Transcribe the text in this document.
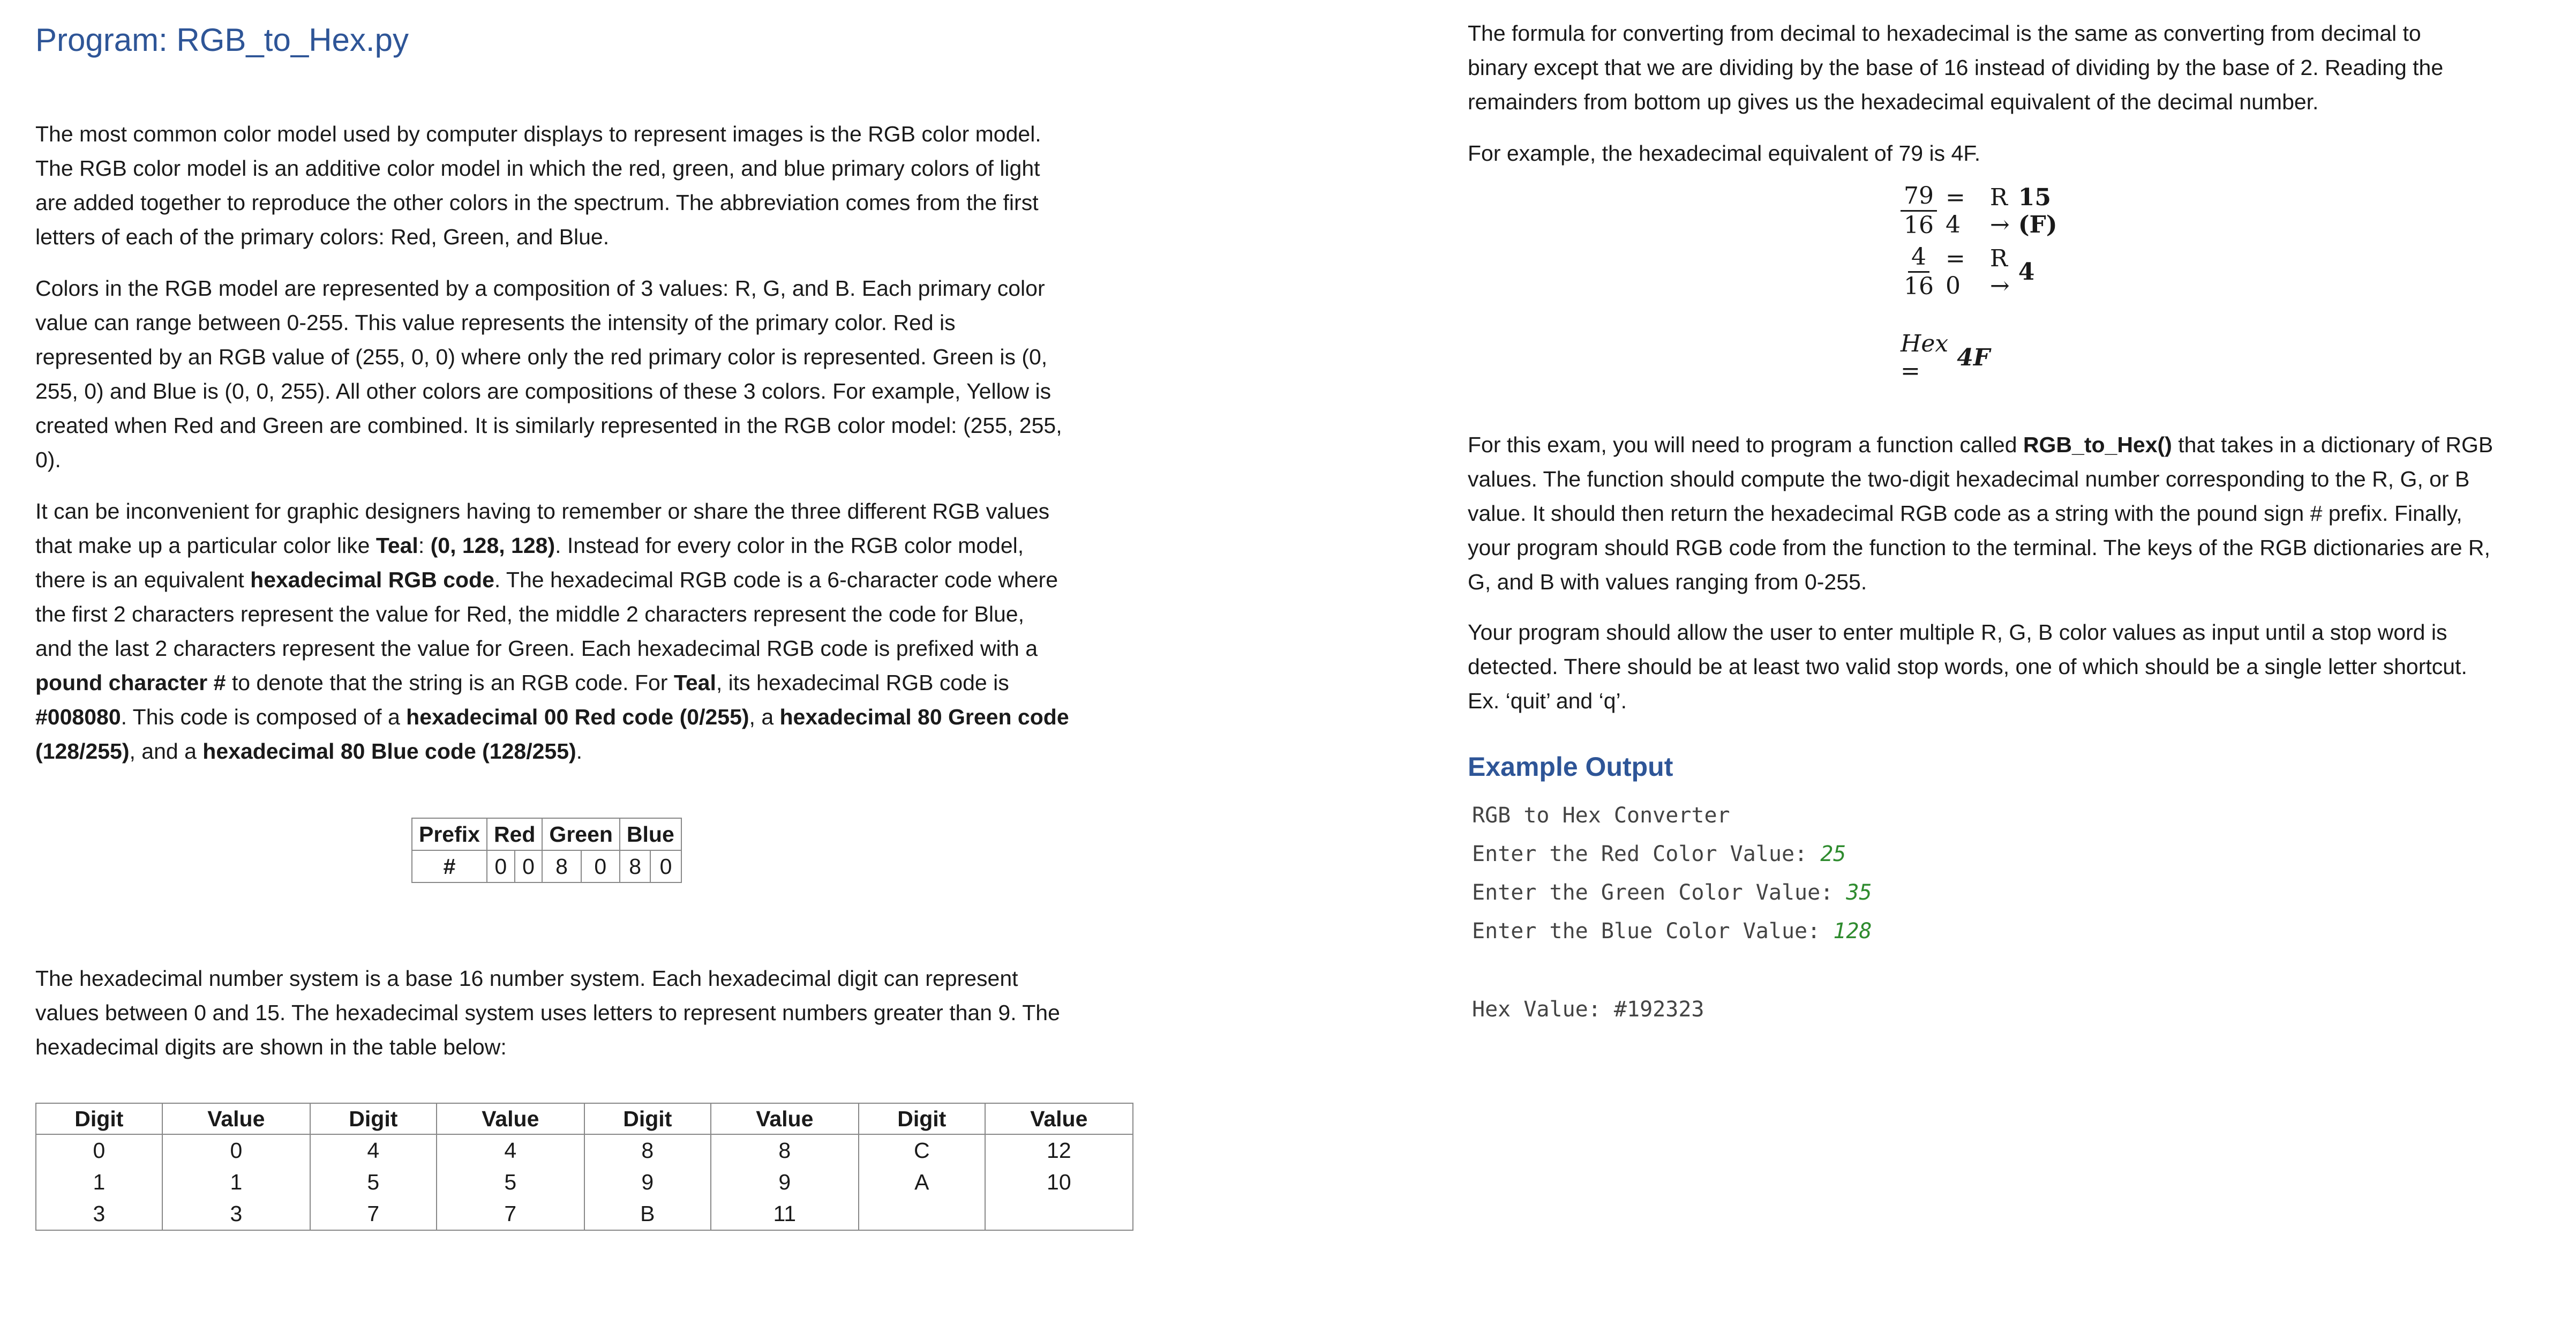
Program: RGB_to_Hex.py

The most common color model used by computer displays to represent images is the RGB color model.

The RGB color model is an additive color model in which the red, green, and blue primary colors of light

are added together to reproduce the other colors in the spectrum. The abbreviation comes from the first

letters of each of the primary colors: Red, Green, and Blue.

Colors in the RGB model are represented by a composition of 3 values: R, G, and B. Each primary color

value can range between 0-255. This value represents the intensity of the primary color. Red is

represented by an RGB value of (255, 0, 0) where only the red primary color is represented. Green is (0,

255, 0) and Blue is (0, 0, 255). All other colors are compositions of these 3 colors. For example, Yellow is

created when Red and Green are combined. It is similarly represented in the RGB color model: (255, 255,

0).

It can be inconvenient for graphic designers having to remember or share the three different RGB values

that make up a particular color like Teal: (0, 128, 128). Instead for every color in the RGB color model,

there is an equivalent hexadecimal RGB code. The hexadecimal RGB code is a 6-character code where

the first 2 characters represent the value for Red, the middle 2 characters represent the code for Blue,

and the last 2 characters represent the value for Green. Each hexadecimal RGB code is prefixed with a

pound character # to denote that the string is an RGB code. For Teal, its hexadecimal RGB code is

#008080. This code is composed of a hexadecimal 00 Red code (0/255), a hexadecimal 80 Green code

(128/255), and a hexadecimal 80 Blue code (128/255).

The hexadecimal number system is a base 16 number system. Each hexadecimal digit can represent

values between 0 and 15. The hexadecimal system uses letters to represent numbers greater than 9. The

hexadecimal digits are shown in the table below:

Prefix	Red		Green		Blue	
#	0	0	8	0	8	0
Digit	Value	Digit	Value	Digit	Value	Digit	Value
0	0	4	4	8	8	C	12
1	1	5	5	9	9	A	10
3	3	7	7	B	11		

The formula for converting from decimal to hexadecimal is the same as converting from decimal to

binary except that we are dividing by the base of 16 instead of dividing by the base of 2. Reading the

remainders from bottom up gives us the hexadecimal equivalent of the decimal number.

For example, the hexadecimal equivalent of 79 is 4F.

$\frac{79}{16} = 4$
R →
15 (F)
$\frac{4}{16} = 0$
R → 4
Hex =	4F

For this exam, you will need to program a function called RGB_to_Hex() that takes in a dictionary of RGB

values. The function should compute the two-digit hexadecimal number corresponding to the R, G, or B

value. It should then return the hexadecimal RGB code as a string with the pound sign # prefix. Finally,

your program should RGB code from the function to the terminal. The keys of the RGB dictionaries are R,

G, and B with values ranging from 0-255.

Your program should allow the user to enter multiple R, G, B color values as input until a stop word is

detected. There should be at least two valid stop words, one of which should be a single letter shortcut.

Ex. ‘quit’ and ‘q’.

Example Output

RGB to Hex Converter

Enter the Red Color Value: 25

Enter the Green Color Value: 35

Enter the Blue Color Value: 128

Hex Value: #192323
